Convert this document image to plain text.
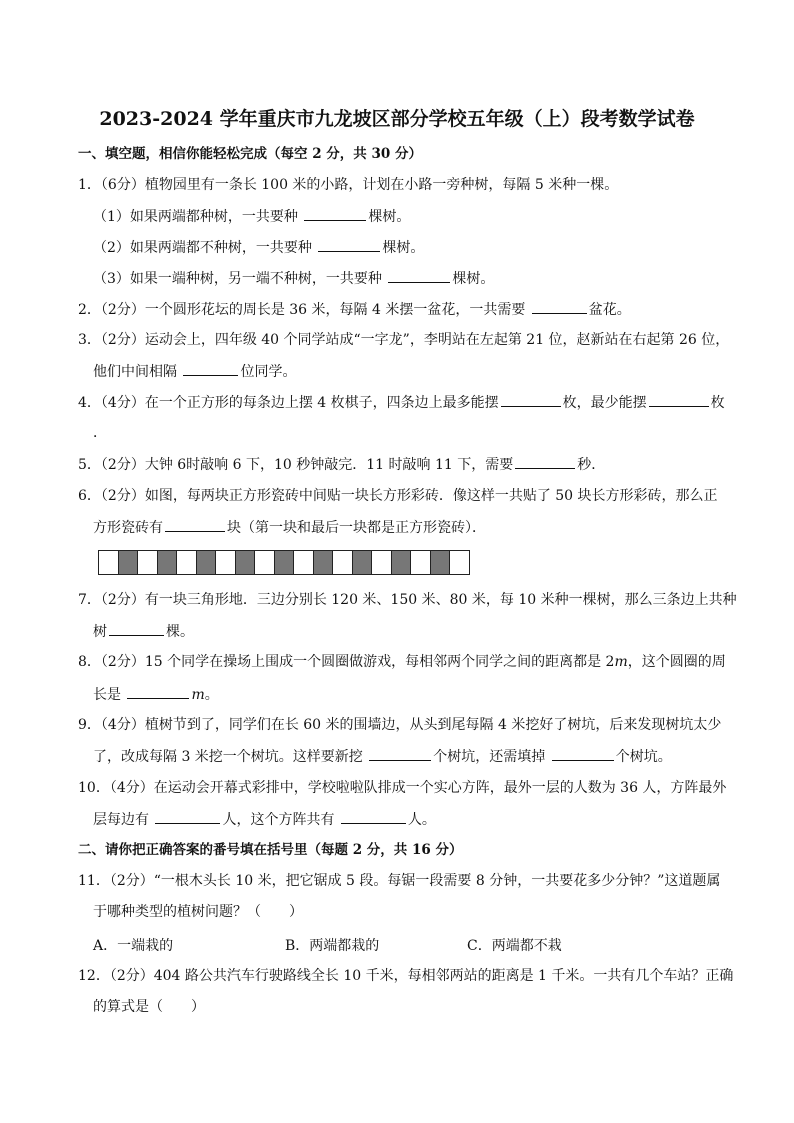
2023-2024 学年重庆市九龙坡区部分学校五年级（上）段考数学试卷
一、填空题，相信你能轻松完成（每空 2 分，共 30 分）
1．（6分）植物园里有一条长 100 米的小路，计划在小路一旁种树，每隔 5 米种一棵。
（1）如果两端都种树，一共要种	棵树。
（2）如果两端都不种树，一共要种	棵树。
（3）如果一端种树，另一端不种树，一共要种	棵树。
2．（2分）一个圆形花坛的周长是 36 米，每隔 4 米摆一盆花，一共需要	盆花。
3．（2分）运动会上，四年级 40 个同学站成“一字龙”，李明站在左起第 21 位，赵新站在右起第 26 位，
他们中间相隔	位同学。
4．（4分）在一个正方形的每条边上摆 4 枚棋子，四条边上最多能摆	枚，最少能摆	枚
．
5．（2分）大钟 6时敲响 6 下，10 秒钟敲完．11 时敲响 11 下，需要	秒．
6．（2分）如图，每两块正方形瓷砖中间贴一块长方形彩砖．像这样一共贴了 50 块长方形彩砖，那么正
方形瓷砖有	块（第一块和最后一块都是正方形瓷砖）．
7．（2分）有一块三角形地．三边分别长 120 米、150 米、80 米，每 10 米种一棵树，那么三条边上共种
树	棵。
8．（2分）15 个同学在操场上围成一个圆圈做游戏，每相邻两个同学之间的距离都是 2m，这个圆圈的周
长是	m。
9．（4分）植树节到了，同学们在长 60 米的围墙边，从头到尾每隔 4 米挖好了树坑，后来发现树坑太少
了，改成每隔 3 米挖一个树坑。这样要新挖	个树坑，还需填掉	个树坑。
10．（4分）在运动会开幕式彩排中，学校啦啦队排成一个实心方阵，最外一层的人数为 36 人，方阵最外
层每边有	人，这个方阵共有	人。
二、请你把正确答案的番号填在括号里（每题 2 分，共 16 分）
11．（2分）“一根木头长 10 米，把它锯成 5 段。每锯一段需要 8 分钟，一共要花多少分钟？”这道题属
于哪种类型的植树问题？（　　）
A．一端栽的	B．两端都栽的	C．两端都不栽
12．（2分）404 路公共汽车行驶路线全长 10 千米，每相邻两站的距离是 1 千米。一共有几个车站？正确
的算式是（　　）
